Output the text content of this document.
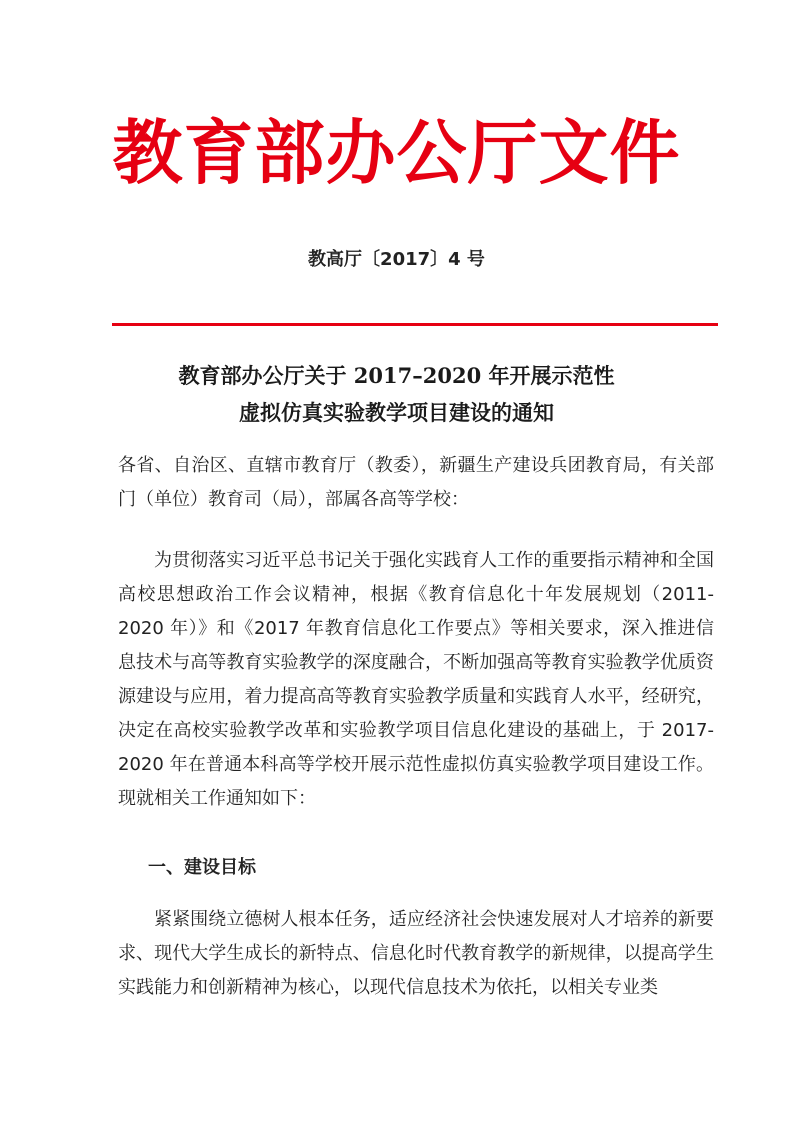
教育部办公厅文件
教高厅〔2017〕4 号
教育部办公厅关于 2017–2020 年开展示范性
虚拟仿真实验教学项目建设的通知

各省、自治区、直辖市教育厅（教委），新疆生产建设兵团教育局，有关部门（单位）教育司（局），部属各高等学校：

为贯彻落实习近平总书记关于强化实践育人工作的重要指示精神和全国高校思想政治工作会议精神，根据《教育信息化十年发展规划（2011-2020 年）》和《2017 年教育信息化工作要点》等相关要求，深入推进信息技术与高等教育实验教学的深度融合，不断加强高等教育实验教学优质资源建设与应用，着力提高高等教育实验教学质量和实践育人水平，经研究，决定在高校实验教学改革和实验教学项目信息化建设的基础上，于 2017-2020 年在普通本科高等学校开展示范性虚拟仿真实验教学项目建设工作。现就相关工作通知如下：

一、建设目标

紧紧围绕立德树人根本任务，适应经济社会快速发展对人才培养的新要求、现代大学生成长的新特点、信息化时代教育教学的新规律，以提高学生实践能力和创新精神为核心，以现代信息技术为依托，以相关专业类
